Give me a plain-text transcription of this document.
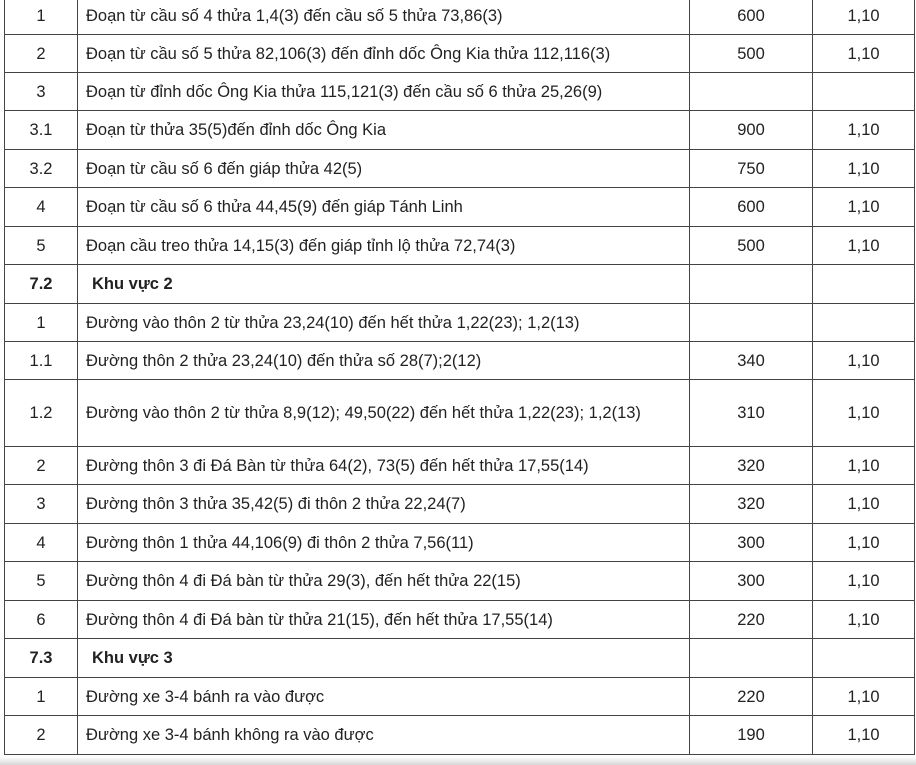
1	Đoạn từ cầu số 4 thửa 1,4(3) đến cầu số 5 thửa 73,86(3)	600	1,10
2	Đoạn từ cầu số 5 thửa 82,106(3) đến đỉnh dốc Ông Kia thửa 112,116(3)	500	1,10
3	Đoạn từ đỉnh dốc Ông Kia thửa 115,121(3) đến cầu số 6 thửa 25,26(9)		
3.1	Đoạn từ thửa 35(5)đến đỉnh dốc Ông Kia	900	1,10
3.2	Đoạn từ cầu số 6 đến giáp thửa 42(5)	750	1,10
4	Đoạn từ cầu số 6 thửa 44,45(9) đến giáp Tánh Linh	600	1,10
5	Đoạn cầu treo thửa 14,15(3) đến giáp tỉnh lộ thửa 72,74(3)	500	1,10
7.2	Khu vực 2		
1	Đường vào thôn 2 từ thửa 23,24(10) đến hết thửa 1,22(23); 1,2(13)		
1.1	Đường thôn 2 thửa 23,24(10) đến thửa số 28(7);2(12)	340	1,10
1.2	Đường vào thôn 2 từ thửa 8,9(12); 49,50(22) đến hết thửa 1,22(23); 1,2(13)	310	1,10
2	Đường thôn 3 đi Đá Bàn từ thửa 64(2), 73(5) đến hết thửa 17,55(14)	320	1,10
3	Đường thôn 3 thửa 35,42(5) đi thôn 2 thửa 22,24(7)	320	1,10
4	Đường thôn 1 thửa 44,106(9) đi thôn 2 thửa 7,56(11)	300	1,10
5	Đường thôn 4 đi Đá bàn từ thửa 29(3), đến hết thửa 22(15)	300	1,10
6	Đường thôn 4 đi Đá bàn từ thửa 21(15), đến hết thửa 17,55(14)	220	1,10
7.3	Khu vực 3		
1	Đường xe 3-4 bánh ra vào được	220	1,10
2	Đường xe 3-4 bánh không ra vào được	190	1,10
